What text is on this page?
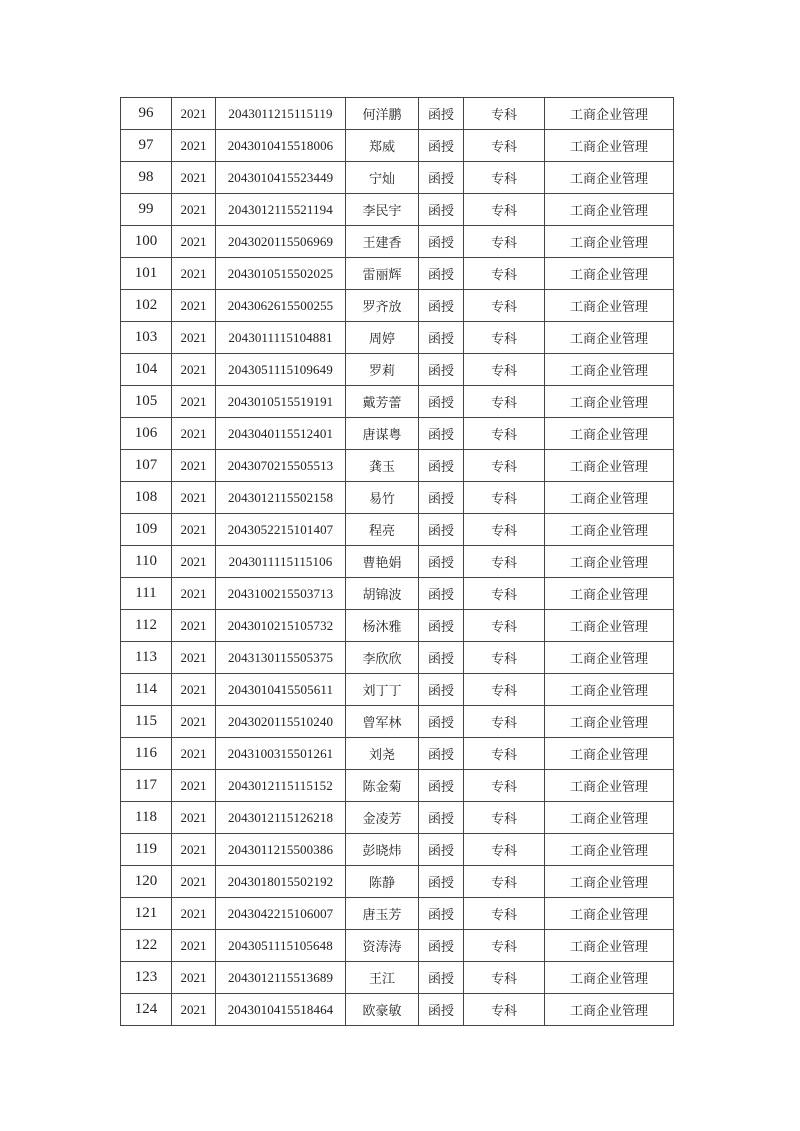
96	2021	2043011215115119	何洋鹏	函授	专科	工商企业管理
97	2021	2043010415518006	郑威	函授	专科	工商企业管理
98	2021	2043010415523449	宁灿	函授	专科	工商企业管理
99	2021	2043012115521194	李民宇	函授	专科	工商企业管理
100	2021	2043020115506969	王建香	函授	专科	工商企业管理
101	2021	2043010515502025	雷丽辉	函授	专科	工商企业管理
102	2021	2043062615500255	罗齐放	函授	专科	工商企业管理
103	2021	2043011115104881	周婷	函授	专科	工商企业管理
104	2021	2043051115109649	罗莉	函授	专科	工商企业管理
105	2021	2043010515519191	戴芳蕾	函授	专科	工商企业管理
106	2021	2043040115512401	唐谋粤	函授	专科	工商企业管理
107	2021	2043070215505513	龚玉	函授	专科	工商企业管理
108	2021	2043012115502158	易竹	函授	专科	工商企业管理
109	2021	2043052215101407	程亮	函授	专科	工商企业管理
110	2021	2043011115115106	曹艳娟	函授	专科	工商企业管理
111	2021	2043100215503713	胡锦波	函授	专科	工商企业管理
112	2021	2043010215105732	杨沐雅	函授	专科	工商企业管理
113	2021	2043130115505375	李欣欣	函授	专科	工商企业管理
114	2021	2043010415505611	刘丁丁	函授	专科	工商企业管理
115	2021	2043020115510240	曾军林	函授	专科	工商企业管理
116	2021	2043100315501261	刘尧	函授	专科	工商企业管理
117	2021	2043012115115152	陈金菊	函授	专科	工商企业管理
118	2021	2043012115126218	金凌芳	函授	专科	工商企业管理
119	2021	2043011215500386	彭晓炜	函授	专科	工商企业管理
120	2021	2043018015502192	陈静	函授	专科	工商企业管理
121	2021	2043042215106007	唐玉芳	函授	专科	工商企业管理
122	2021	2043051115105648	资涛涛	函授	专科	工商企业管理
123	2021	2043012115513689	王江	函授	专科	工商企业管理
124	2021	2043010415518464	欧豪敏	函授	专科	工商企业管理
